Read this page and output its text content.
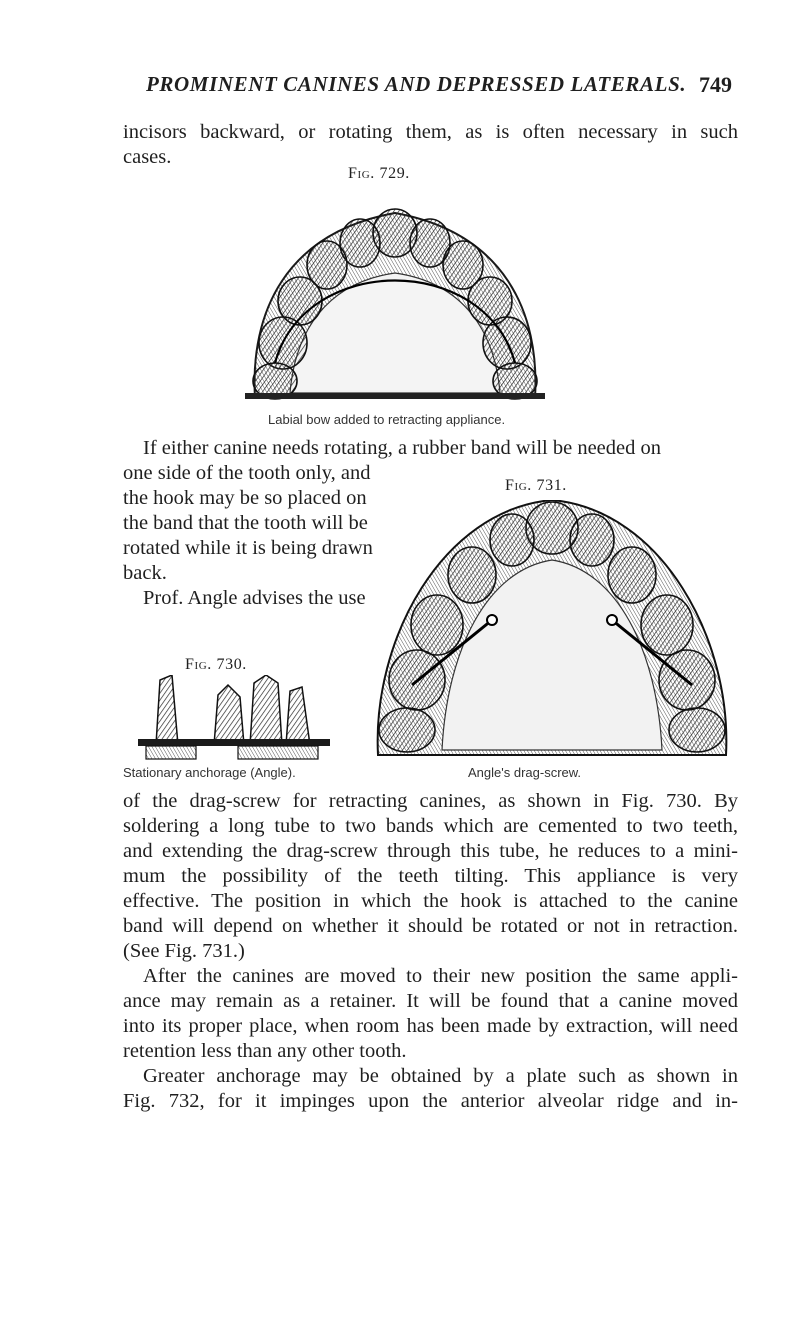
PROMINENT CANINES AND DEPRESSED LATERALS. 749
incisors backward, or rotating them, as is often necessary in such
cases.
Fig. 729.
Labial bow added to retracting appliance.
If either canine needs rotating, a rubber band will be needed on
one side of the tooth only, and
the hook may be so placed on
the band that the tooth will be
rotated while it is being drawn
back.
Prof. Angle advises the use
Fig. 731.
Angle's drag-screw.
Fig. 730.
Stationary anchorage (Angle).
of the drag-screw for retracting canines, as shown in Fig. 730. By
soldering a long tube to two bands which are cemented to two teeth,
and extending the drag-screw through this tube, he reduces to a mini-
mum the possibility of the teeth tilting. This appliance is very
effective. The position in which the hook is attached to the canine
band will depend on whether it should be rotated or not in retraction.
(See Fig. 731.)
After the canines are moved to their new position the same appli-
ance may remain as a retainer. It will be found that a canine moved
into its proper place, when room has been made by extraction, will need
retention less than any other tooth.
Greater anchorage may be obtained by a plate such as shown in
Fig. 732, for it impinges upon the anterior alveolar ridge and in-
